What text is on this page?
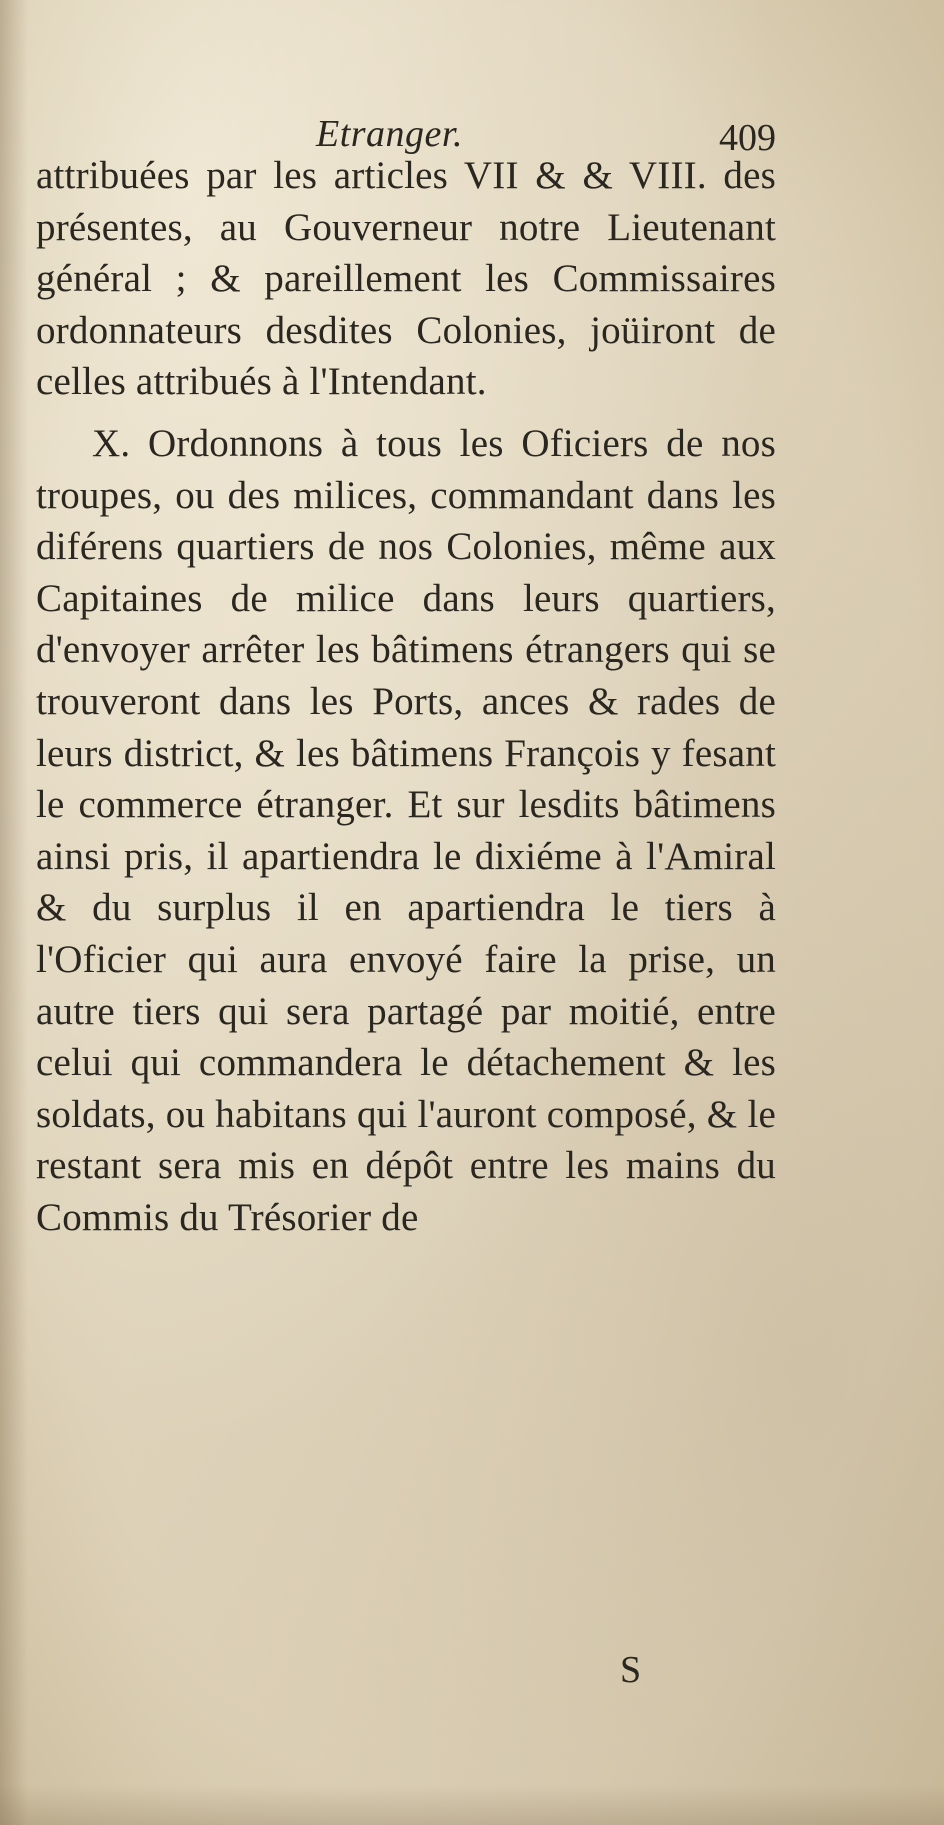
Etranger.	409

attribuées par les articles VII & & VIII. des présentes, au Gouverneur notre Lieutenant général ; & pareillement les Commissaires ordonnateurs desdites Colonies, joüiront de celles attribués à l'Intendant.

X. Ordonnons à tous les Oficiers de nos troupes, ou des milices, commandant dans les diférens quartiers de nos Colonies, même aux Capitaines de milice dans leurs quartiers, d'envoyer arrêter les bâtimens étrangers qui se trouveront dans les Ports, ances & rades de leurs district, & les bâtimens François y fesant le commerce étranger. Et sur lesdits bâtimens ainsi pris, il apartiendra le dixiéme à l'Amiral & du surplus il en apartiendra le tiers à l'Oficier qui aura envoyé faire la prise, un autre tiers qui sera partagé par moitié, entre celui qui commandera le détachement & les soldats, ou habitans qui l'auront composé, & le restant sera mis en dépôt entre les mains du Commis du Trésorier de

S
